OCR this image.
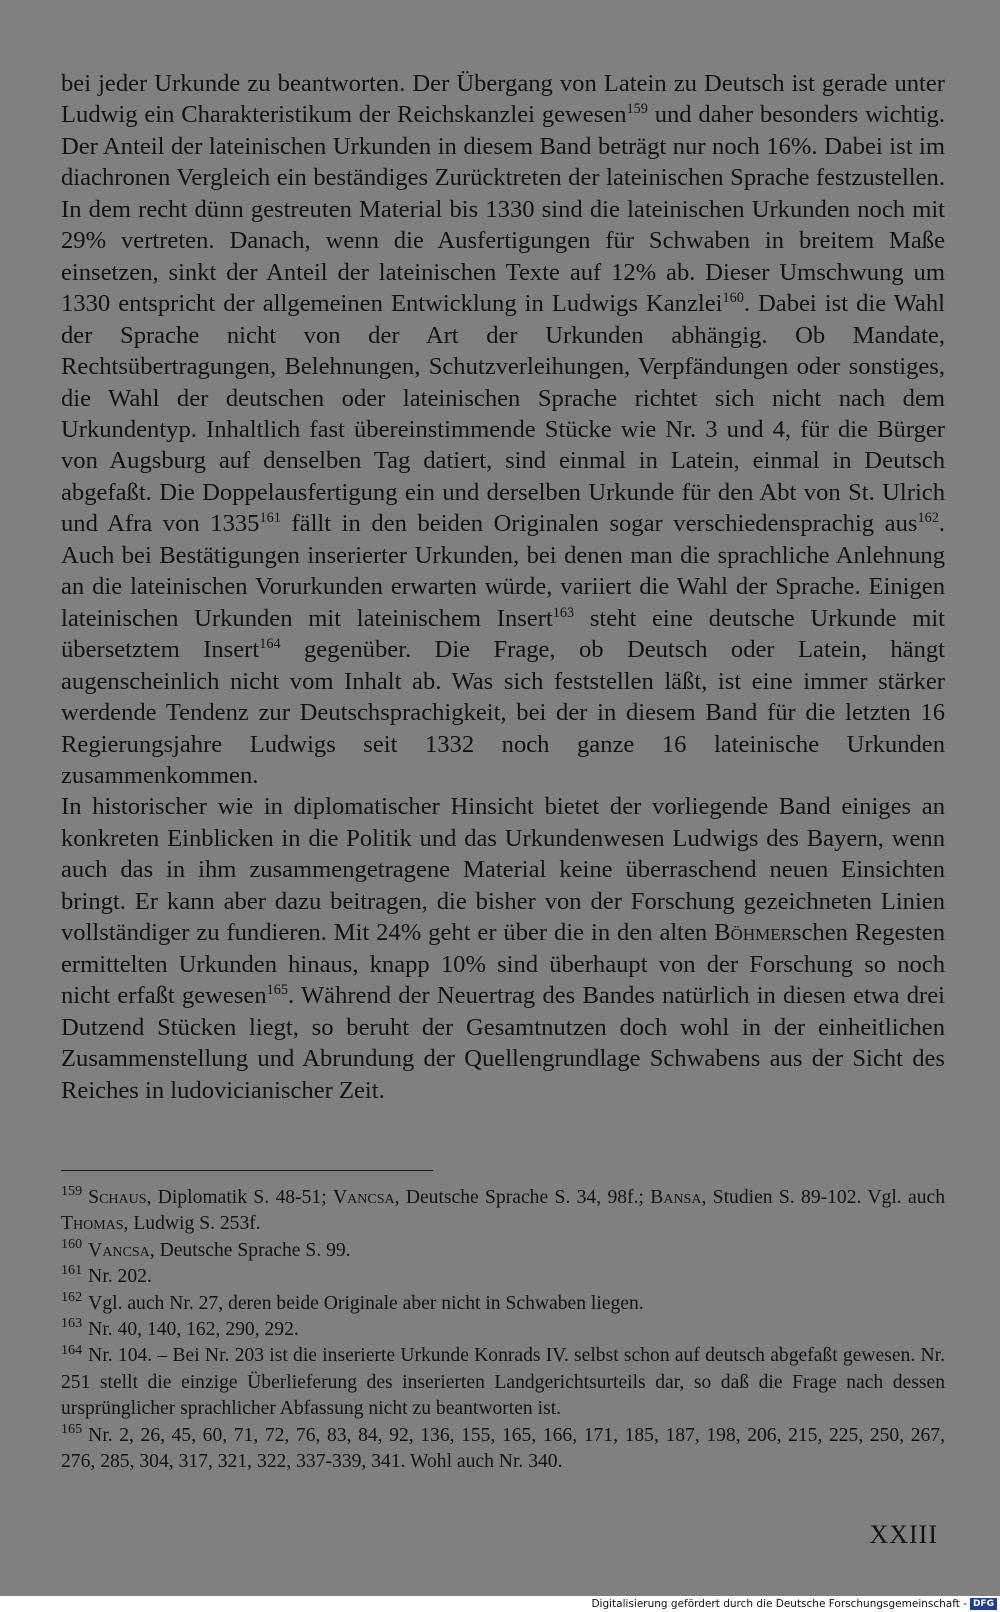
bei jeder Urkunde zu beantworten. Der Übergang von Latein zu Deutsch ist gerade unter Ludwig ein Charakteristikum der Reichskanzlei gewesen$^{159}$ und daher besonders wichtig. Der Anteil der lateinischen Urkunden in diesem Band beträgt nur noch 16%. Dabei ist im diachronen Vergleich ein beständiges Zurücktreten der lateinischen Sprache festzustellen. In dem recht dünn gestreuten Material bis 1330 sind die lateinischen Urkunden noch mit 29% vertreten. Danach, wenn die Ausfertigungen für Schwaben in breitem Maße einsetzen, sinkt der Anteil der lateinischen Texte auf 12% ab. Dieser Umschwung um 1330 entspricht der allgemeinen Entwicklung in Ludwigs Kanzlei$^{160}$. Dabei ist die Wahl der Sprache nicht von der Art der Urkunden abhängig. Ob Mandate, Rechtsübertragungen, Belehnungen, Schutzverleihungen, Verpfändungen oder sonstiges, die Wahl der deutschen oder lateinischen Sprache richtet sich nicht nach dem Urkundentyp. Inhaltlich fast übereinstimmende Stücke wie Nr. 3 und 4, für die Bürger von Augsburg auf denselben Tag datiert, sind einmal in Latein, einmal in Deutsch abgefaßt. Die Doppelausfertigung ein und derselben Urkunde für den Abt von St. Ulrich und Afra von 1335$^{161}$ fällt in den beiden Originalen sogar verschiedensprachig aus$^{162}$. Auch bei Bestätigungen inserierter Urkunden, bei denen man die sprachliche Anlehnung an die lateinischen Vorurkunden erwarten würde, variiert die Wahl der Sprache. Einigen lateinischen Urkunden mit lateinischem Insert$^{163}$ steht eine deutsche Urkunde mit übersetztem Insert$^{164}$ gegenüber. Die Frage, ob Deutsch oder Latein, hängt augenscheinlich nicht vom Inhalt ab. Was sich feststellen läßt, ist eine immer stärker werdende Tendenz zur Deutschsprachigkeit, bei der in diesem Band für die letzten 16 Regierungsjahre Ludwigs seit 1332 noch ganze 16 lateinische Urkunden zusammenkommen.

In historischer wie in diplomatischer Hinsicht bietet der vorliegende Band einiges an konkreten Einblicken in die Politik und das Urkundenwesen Ludwigs des Bayern, wenn auch das in ihm zusammengetragene Material keine überraschend neuen Einsichten bringt. Er kann aber dazu beitragen, die bisher von der Forschung gezeichneten Linien vollständiger zu fundieren. Mit 24% geht er über die in den alten Böhmerschen Regesten ermittelten Urkunden hinaus, knapp 10% sind überhaupt von der Forschung so noch nicht erfaßt gewesen$^{165}$. Während der Neuertrag des Bandes natürlich in diesen etwa drei Dutzend Stücken liegt, so beruht der Gesamtnutzen doch wohl in der einheitlichen Zusammenstellung und Abrundung der Quellengrundlage Schwabens aus der Sicht des Reiches in ludovicianischer Zeit.

$^{159}$ Schaus, Diplomatik S. 48-51; Vancsa, Deutsche Sprache S. 34, 98f.; Bansa, Studien S. 89-102. Vgl. auch Thomas, Ludwig S. 253f.

$^{160}$ Vancsa, Deutsche Sprache S. 99.

$^{161}$ Nr. 202.

$^{162}$ Vgl. auch Nr. 27, deren beide Originale aber nicht in Schwaben liegen.

$^{163}$ Nr. 40, 140, 162, 290, 292.

$^{164}$ Nr. 104. – Bei Nr. 203 ist die inserierte Urkunde Konrads IV. selbst schon auf deutsch abgefaßt gewesen. Nr. 251 stellt die einzige Überlieferung des inserierten Landgerichtsurteils dar, so daß die Frage nach dessen ursprünglicher sprachlicher Abfassung nicht zu beantworten ist.

$^{165}$ Nr. 2, 26, 45, 60, 71, 72, 76, 83, 84, 92, 136, 155, 165, 166, 171, 185, 187, 198, 206, 215, 225, 250, 267, 276, 285, 304, 317, 321, 322, 337-339, 341. Wohl auch Nr. 340.

XXIII
Digitalisierung gefördert durch die Deutsche Forschungsgemeinschaft - DFG
